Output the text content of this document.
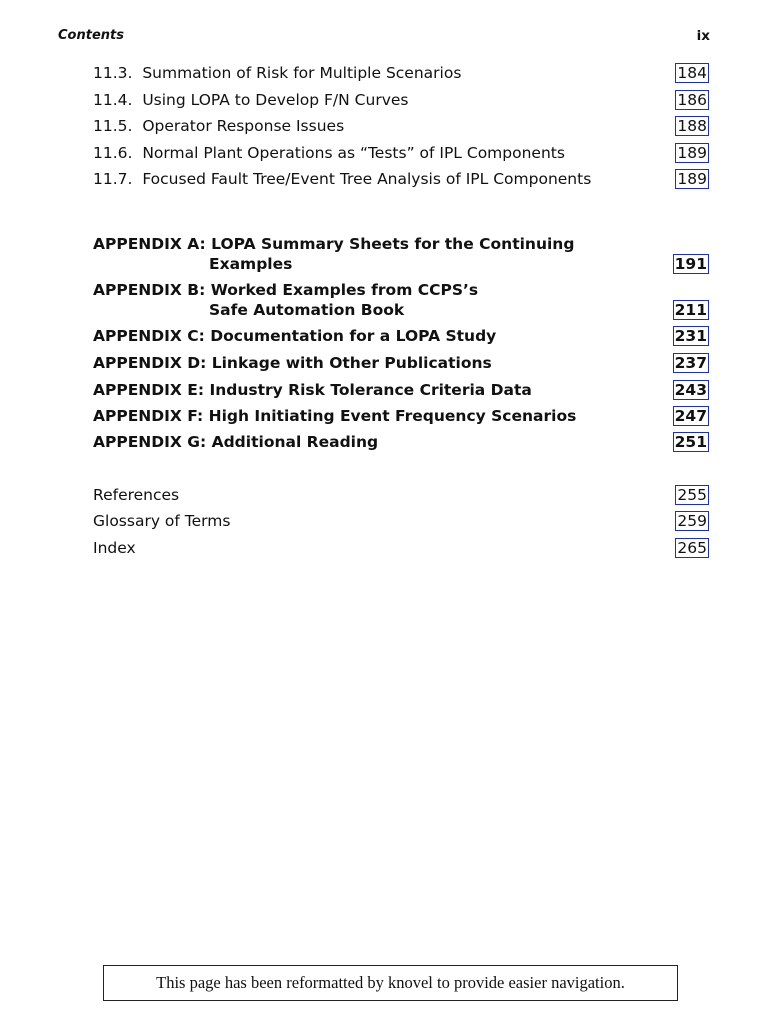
Contents	ix
11.3. Summation of Risk for Multiple Scenarios	184
11.4. Using LOPA to Develop F/N Curves	186
11.5. Operator Response Issues	188
11.6. Normal Plant Operations as “Tests” of IPL Components	189
11.7. Focused Fault Tree/Event Tree Analysis of IPL Components	189
APPENDIX A: LOPA Summary Sheets for the Continuing
Examples	191
APPENDIX B: Worked Examples from CCPS’s
Safe Automation Book	211
APPENDIX C: Documentation for a LOPA Study	231
APPENDIX D: Linkage with Other Publications	237
APPENDIX E: Industry Risk Tolerance Criteria Data	243
APPENDIX F: High Initiating Event Frequency Scenarios	247
APPENDIX G: Additional Reading	251
References	255
Glossary of Terms	259
Index	265
This page has been reformatted by knovel to provide easier navigation.
